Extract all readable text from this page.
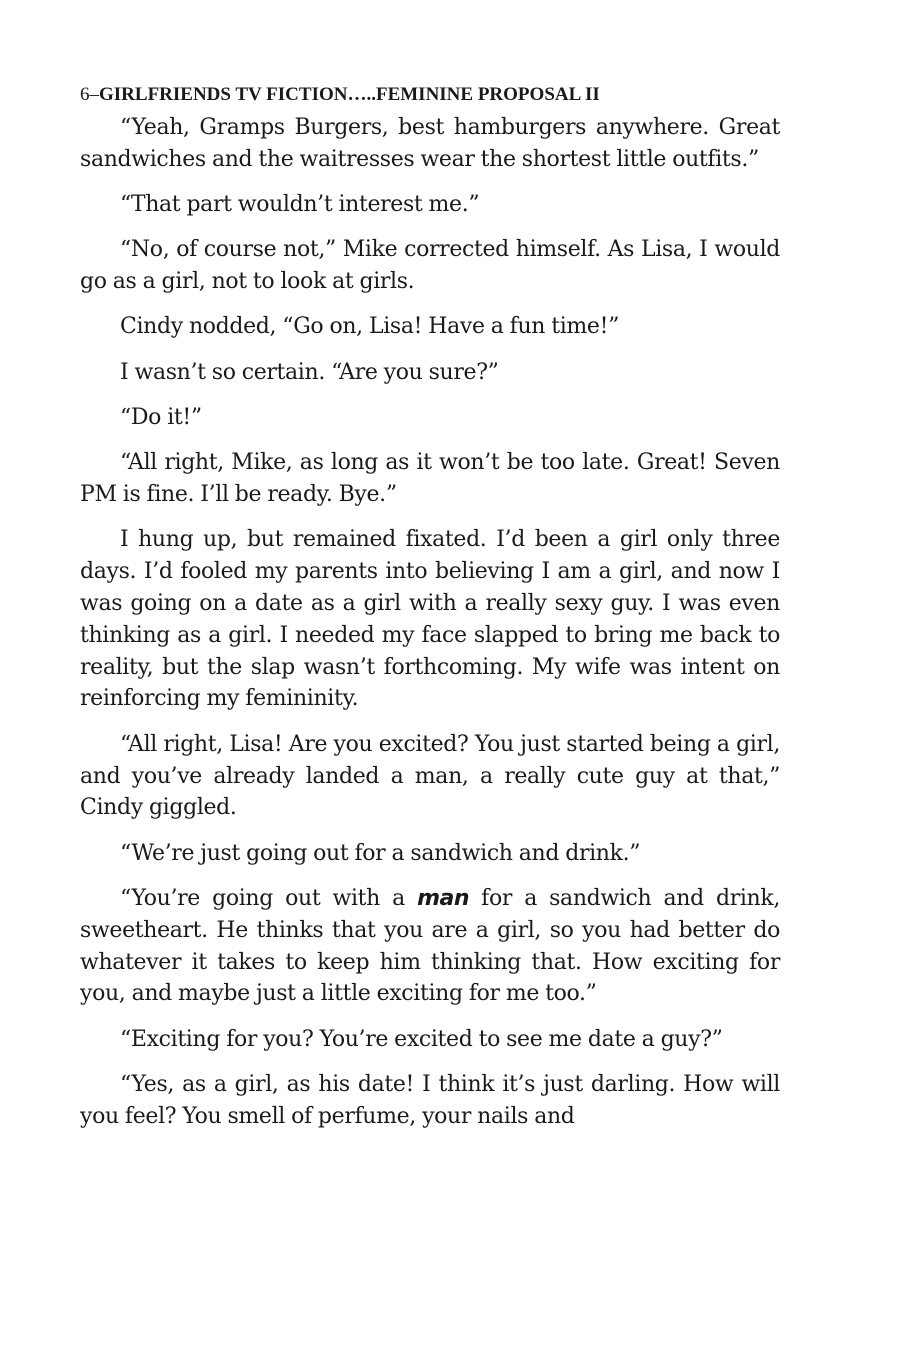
6–GIRLFRIENDS TV FICTION…..FEMININE PROPOSAL II

“Yeah, Gramps Burgers, best hamburgers anywhere. Great sandwiches and the waitresses wear the shortest little outfits.”

“That part wouldn’t interest me.”

“No, of course not,” Mike corrected himself. As Lisa, I would go as a girl, not to look at girls.

Cindy nodded, “Go on, Lisa! Have a fun time!”

I wasn’t so certain. “Are you sure?”

“Do it!”

“All right, Mike, as long as it won’t be too late. Great! Seven PM is fine. I’ll be ready. Bye.”

I hung up, but remained fixated. I’d been a girl only three days. I’d fooled my parents into believing I am a girl, and now I was going on a date as a girl with a really sexy guy. I was even thinking as a girl. I needed my face slapped to bring me back to reality, but the slap wasn’t forthcoming. My wife was intent on reinforcing my femininity.

“All right, Lisa! Are you excited? You just started being a girl, and you’ve already landed a man, a really cute guy at that,” Cindy giggled.

“We’re just going out for a sandwich and drink.”

“You’re going out with a man for a sandwich and drink, sweetheart. He thinks that you are a girl, so you had better do whatever it takes to keep him thinking that. How exciting for you, and maybe just a little exciting for me too.”

“Exciting for you? You’re excited to see me date a guy?”

“Yes, as a girl, as his date! I think it’s just darling. How will you feel? You smell of perfume, your nails and
